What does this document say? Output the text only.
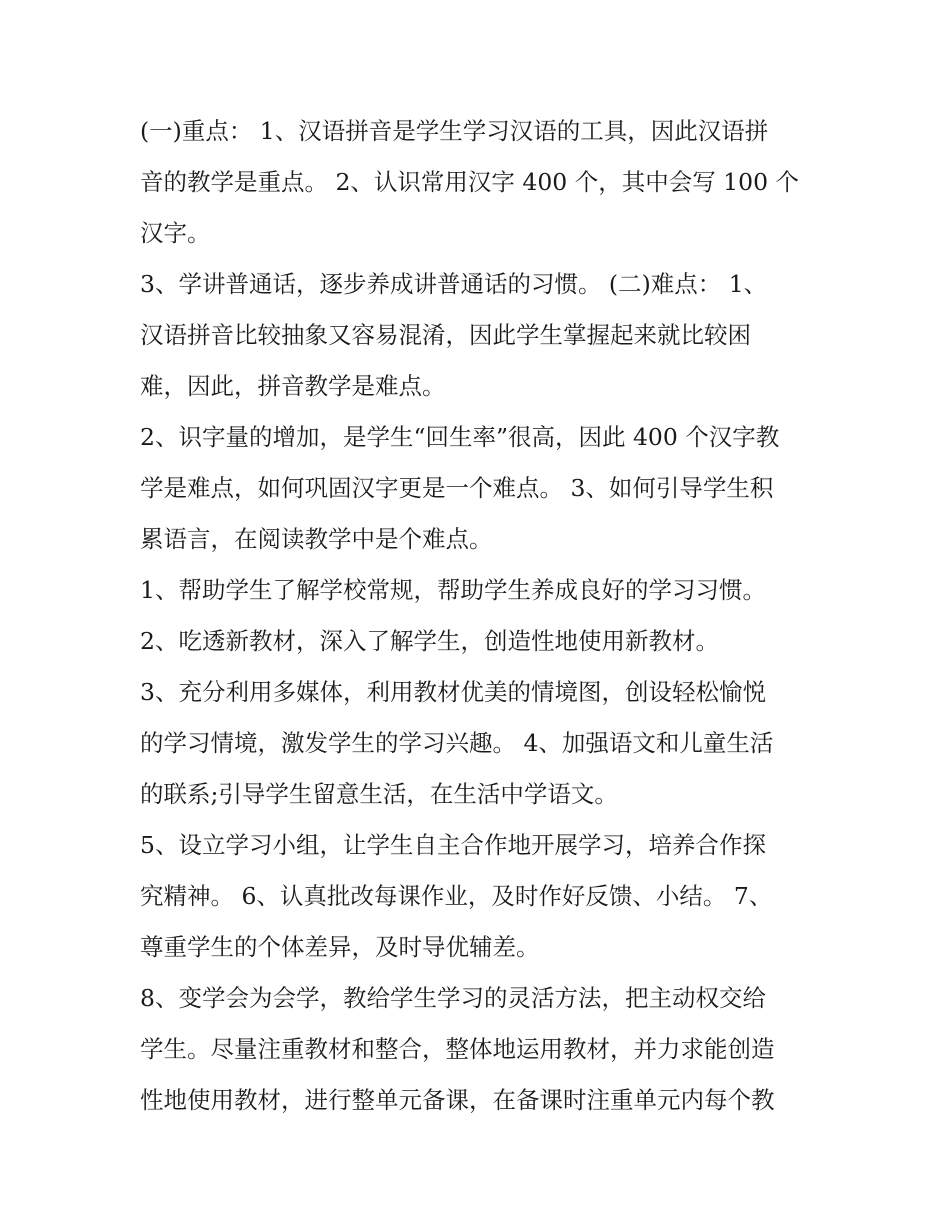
(一)重点： 1、汉语拼音是学生学习汉语的工具，因此汉语拼
音的教学是重点。 2、认识常用汉字 400 个，其中会写 100 个
汉字。
3、学讲普通话，逐步养成讲普通话的习惯。 (二)难点： 1、
汉语拼音比较抽象又容易混淆，因此学生掌握起来就比较困
难，因此，拼音教学是难点。
2、识字量的增加，是学生“回生率”很高，因此 400 个汉字教
学是难点，如何巩固汉字更是一个难点。 3、如何引导学生积
累语言，在阅读教学中是个难点。
1、帮助学生了解学校常规，帮助学生养成良好的学习习惯。
2、吃透新教材，深入了解学生，创造性地使用新教材。
3、充分利用多媒体，利用教材优美的情境图，创设轻松愉悦
的学习情境，激发学生的学习兴趣。 4、加强语文和儿童生活
的联系;引导学生留意生活，在生活中学语文。
5、设立学习小组，让学生自主合作地开展学习，培养合作探
究精神。 6、认真批改每课作业，及时作好反馈、小结。 7、
尊重学生的个体差异，及时导优辅差。
8、变学会为会学，教给学生学习的灵活方法，把主动权交给
学生。尽量注重教材和整合，整体地运用教材，并力求能创造
性地使用教材，进行整单元备课，在备课时注重单元内每个教
